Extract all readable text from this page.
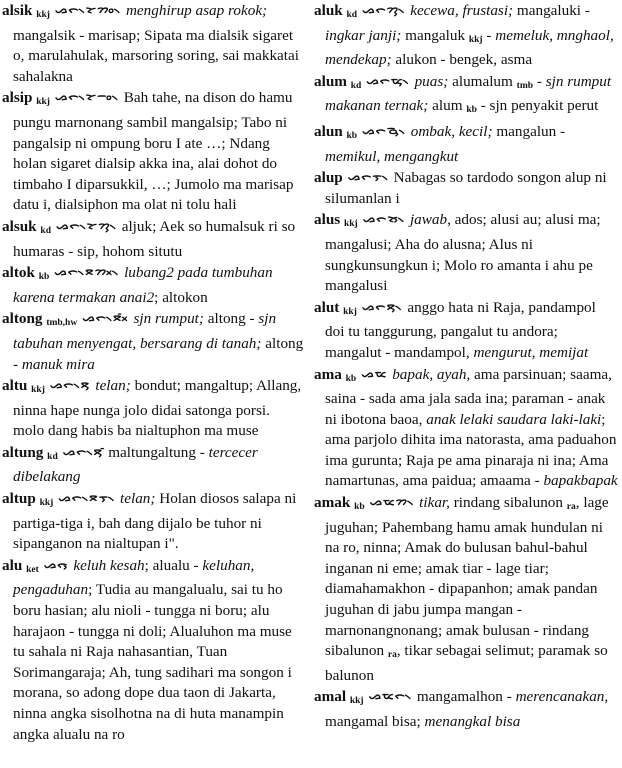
alsik $_{kkj}$ ᯀᯞ᯲ᯘᯪᯂ᯲ menghirup asap rokok; mangalsik - marisap; Sipata ma dialsik sigaret o, marulahulak, marsoring soring, sai makkatai sahalakna

alsip $_{kkj}$ ᯀᯞ᯲ᯘᯪᯇ᯲ Bah tahe, na dison do hamu pungu marnonang sambil mangalsip; Tabo ni pangalsip ni ompung boru I ate …; Ndang holan sigaret dialsip akka ina, alai dohot do timbaho I diparsukkil, …; Jumolo ma marisap datu i, dialsiphon ma olat ni tolu hali

alsuk $_{kd}$ ᯀᯞ᯲ᯘᯮᯂ᯲ aljuk; Aek so humalsuk ri so humaras - sip, hohom situtu

altok $_{kb}$ ᯀᯞ᯲ᯖᯬᯂ᯲ lubang2 pada tumbuhan karena termakan anai2; altokon

altong $_{tmb,hw}$ ᯀᯞ᯲ᯖᯬᯰ sjn rumput; altong - sjn tabuhan menyengat, bersarang di tanah; altong - manuk mira

altu $_{kkj}$ ᯀᯞ᯲ᯖᯮ telan; bondut; mangaltup; Allang, ninna hape nunga jolo didai satonga porsi. molo dang habis ba nialtuphon ma muse

altung $_{kd}$ ᯀᯞ᯲ᯖᯮᯰ maltungaltung - tercecer dibelakang

altup $_{kkj}$ ᯀᯞ᯲ᯖᯮᯇ᯲ telan; Holan diosos salapa ni partiga-tiga i, bah dang dijalo be tuhor ni sipanganon na nialtupan i".

alu $_{ket}$ ᯀᯞᯮ keluh kesah; alualu - keluhan, pengaduhan; Tudia au mangalualu, sai tu ho boru hasian; alu nioli - tungga ni boru; alu harajaon - tungga ni doli; Alualuhon ma muse tu sahala ni Raja nahasantian, Tuan Sorimangaraja; Ah, tung sadihari ma songon i morana, so adong dope dua taon di Jakarta, ninna angka sisolhotna na di huta manampin angka alualu na ro

aluk $_{kd}$ ᯀᯞᯮᯂ᯲ kecewa, frustasi; mangaluki - ingkar janji; mangaluk $_{kkj}$ - memeluk, mnghaol, mendekap; alukon - bengek, asma

alum $_{kd}$ ᯀᯞᯮᯔ᯲ puas; alumalum $_{tmb}$ - sjn rumput makanan ternak; alum $_{kb}$ - sjn penyakit perut

alun $_{kb}$ ᯀᯞᯮᯉ᯲ ombak, kecil; mangalun - memikul, mengangkut

alup ᯀᯞᯮᯇ᯲ Nabagas so tardodo songon alup ni silumanlan i

alus $_{kkj}$ ᯀᯞᯮᯘ᯲ jawab, ados; alusi au; alusi ma; mangalusi; Aha do alusna; Alus ni sungkunsungkun i; Molo ro amanta i ahu pe mangalusi

alut $_{kkj}$ ᯀᯞᯮᯖ᯲ anggo hata ni Raja, pandampol doi tu tanggurung, pangalut tu andora; mangalut - mandampol, mengurut, memijat

ama $_{kb}$ ᯀᯔ bapak, ayah, ama parsinuan; saama, saina - sada ama jala sada ina; paraman - anak ni ibotona baoa, anak lelaki saudara laki-laki; ama parjolo dihita ima natorasta, ama paduahon ima gurunta; Raja pe ama pinaraja ni ina; Ama namartunas, ama paidua; amaama - bapakbapak

amak $_{kb}$ ᯀᯔᯂ᯲ tikar, rindang sibalunon $_{ra}$, lage juguhan; Pahembang hamu amak hundulan ni na ro, ninna; Amak do bulusan bahul-bahul inganan ni eme; amak tiar - lage tiar; diamahamakhon - dipapanhon; amak pandan juguhan di jabu jumpa mangan - marnonangnonang; amak bulusan - rindang sibalunon $_{ra}$, tikar sebagai selimut; paramak so balunon

amal $_{kkj}$ ᯀᯔᯞ᯲ mangamalhon - merencanakan, mangamal bisa; menangkal bisa
